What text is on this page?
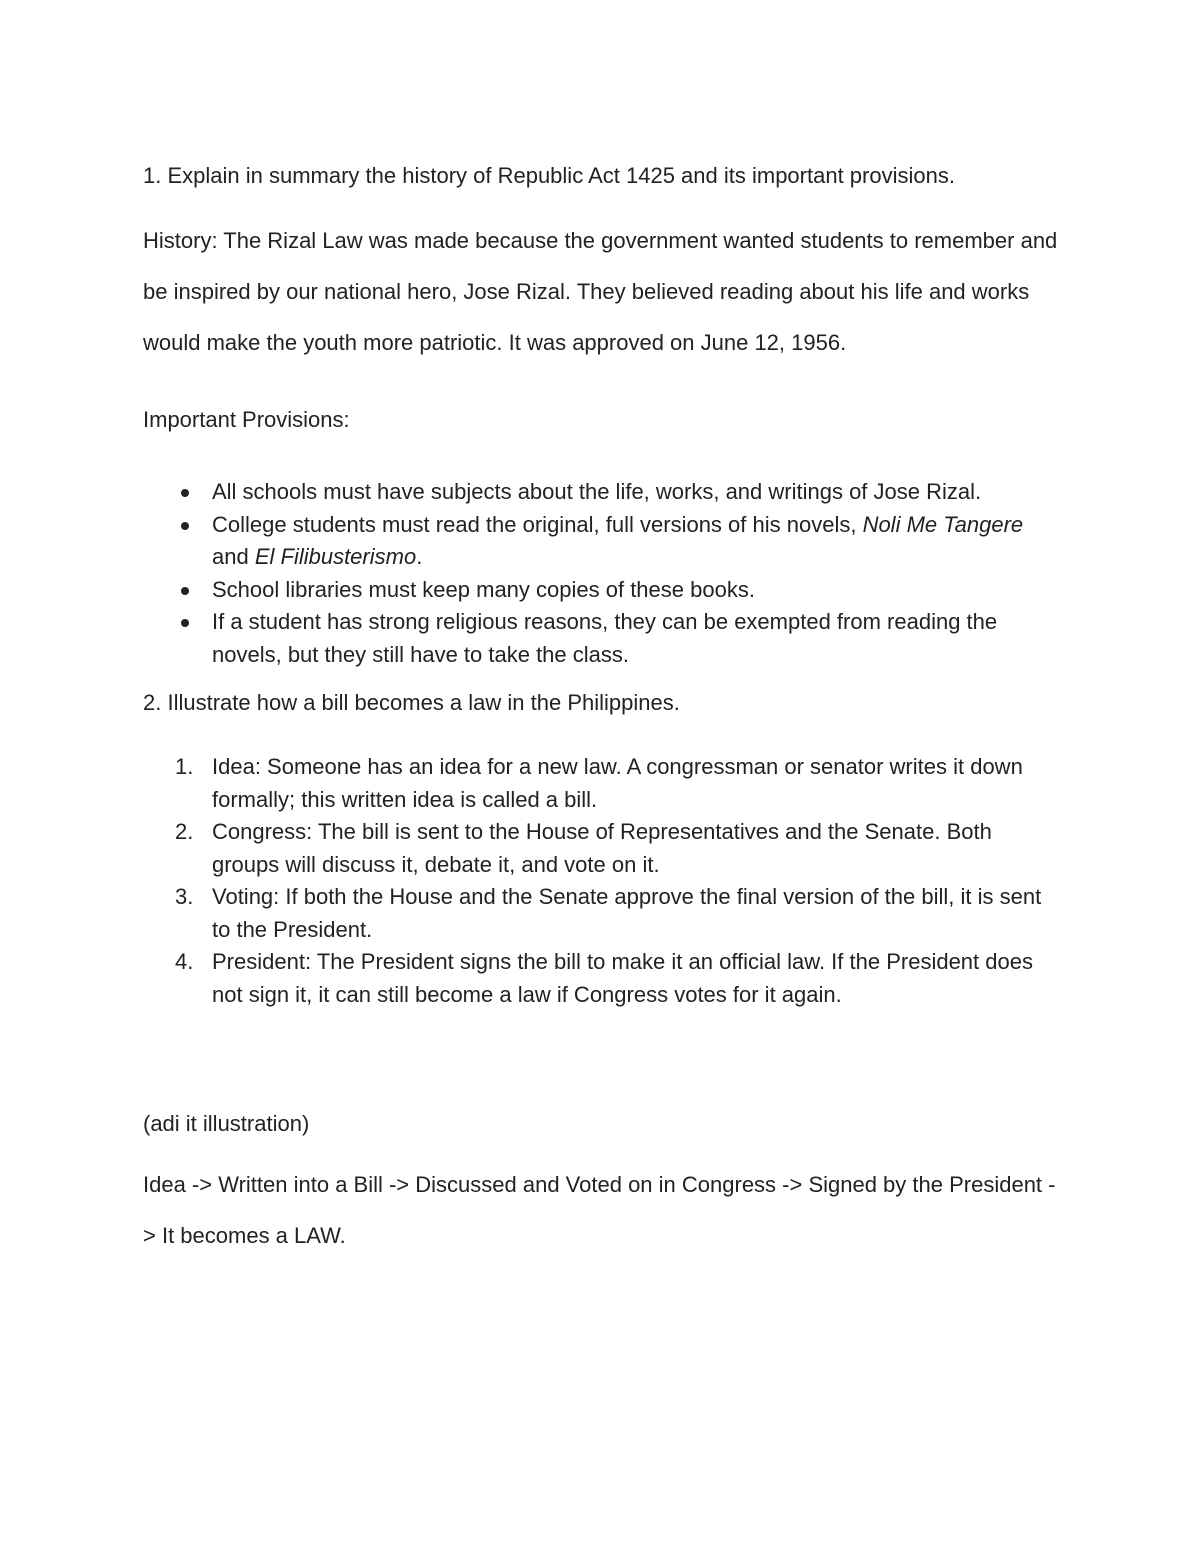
1. Explain in summary the history of Republic Act 1425 and its important provisions.

History: The Rizal Law was made because the government wanted students to remember and be inspired by our national hero, Jose Rizal. They believed reading about his life and works would make the youth more patriotic. It was approved on June 12, 1956.

Important Provisions:

All schools must have subjects about the life, works, and writings of Jose Rizal.
College students must read the original, full versions of his novels, Noli Me Tangere and El Filibusterismo.
School libraries must keep many copies of these books.
If a student has strong religious reasons, they can be exempted from reading the novels, but they still have to take the class.

2. Illustrate how a bill becomes a law in the Philippines.

1. Idea: Someone has an idea for a new law. A congressman or senator writes it down formally; this written idea is called a bill.
2. Congress: The bill is sent to the House of Representatives and the Senate. Both groups will discuss it, debate it, and vote on it.
3. Voting: If both the House and the Senate approve the final version of the bill, it is sent to the President.
4. President: The President signs the bill to make it an official law. If the President does not sign it, it can still become a law if Congress votes for it again.

(adi it illustration)

Idea -> Written into a Bill -> Discussed and Voted on in Congress -> Signed by the President -> It becomes a LAW.
